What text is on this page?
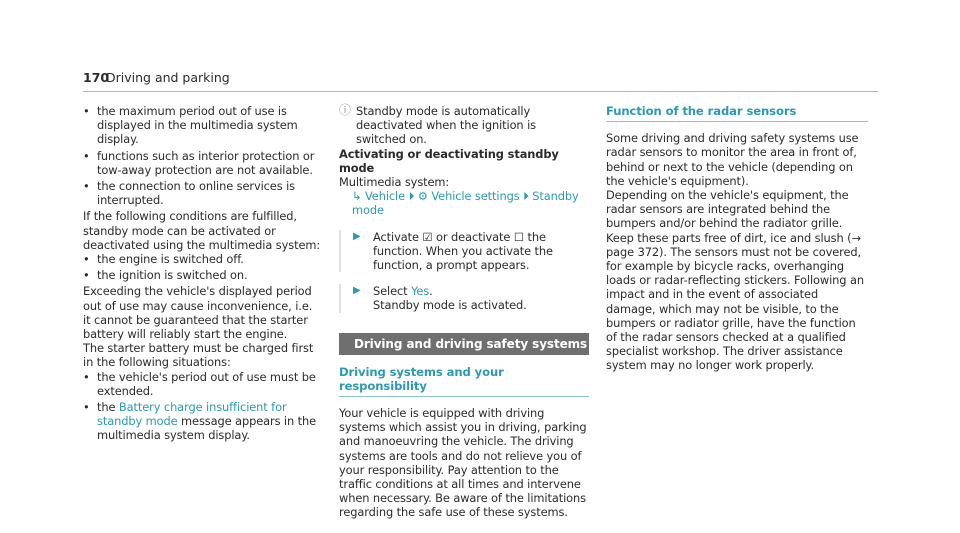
170
Driving and parking
• the maximum period out of use is displayed in the multimedia system display.
• functions such as interior protection or tow-away protection are not available.
• the connection to online services is interrupted.

If the following conditions are fulfilled, standby mode can be activated or deactivated using the multimedia system:

• the engine is switched off.
• the ignition is switched on.

Exceeding the vehicle's displayed period out of use may cause inconvenience, i.e. it cannot be guaranteed that the starter battery will reliably start the engine.

The starter battery must be charged first in the following situations:

• the vehicle's period out of use must be extended.
• the Battery charge insufficient for standby mode message appears in the multimedia system display.
ⓘ Standby mode is automatically deactivated when the ignition is switched on.
Activating or deactivating standby mode
Multimedia system:
↳ Vehicle ⏵ ⚙ Vehicle settings ⏵ Standby mode
▶ Activate ☑ or deactivate ☐ the function. When you activate the function, a prompt appears.
▶ Select Yes.
Standby mode is activated.
Driving and driving safety systems
Driving systems and your responsibility

Your vehicle is equipped with driving systems which assist you in driving, parking and manoeuvring the vehicle. The driving systems are tools and do not relieve you of your responsibility. Pay attention to the traffic conditions at all times and intervene when necessary. Be aware of the limitations regarding the safe use of these systems.

Function of the radar sensors

Some driving and driving safety systems use radar sensors to monitor the area in front of, behind or next to the vehicle (depending on the vehicle's equipment).

Depending on the vehicle's equipment, the radar sensors are integrated behind the bumpers and/or behind the radiator grille. Keep these parts free of dirt, ice and slush (→ page 372). The sensors must not be covered, for example by bicycle racks, overhanging loads or radar-reflecting stickers. Following an impact and in the event of associated damage, which may not be visible, to the bumpers or radiator grille, have the function of the radar sensors checked at a qualified specialist workshop. The driver assistance system may no longer work properly.
